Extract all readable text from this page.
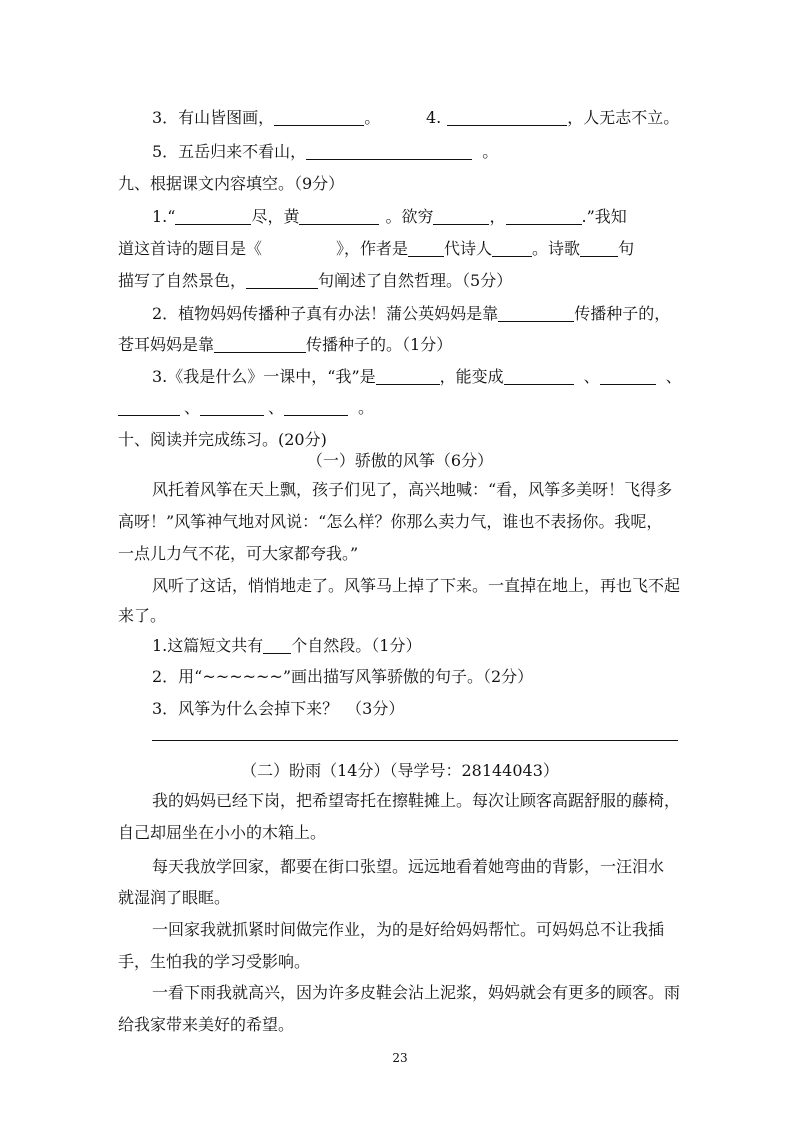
3．有山皆图画，	。	4.	，人无志不立。
5．五岳归来不看山，	。
九、根据课文内容填空。（9分）
1.“	尽，黄	。欲穷	，	.”我知
道这首诗的题目是《	》，作者是 代诗人	。诗歌 句
描写了自然景色，	句阐述了自然哲理。（5分）
2．植物妈妈传播种子真有办法！蒲公英妈妈是靠	传播种子的，
苍耳妈妈是靠	传播种子的。（1分）
3.《我是什么》一课中，“我”是	，能变成	、	、
、	、	。
十、阅读并完成练习。(20分)
（一）骄傲的风筝（6分）
风托着风筝在天上飘，孩子们见了，高兴地喊：“看，风筝多美呀！飞得多
高呀！”风筝神气地对风说：“怎么样？你那么卖力气，谁也不表扬你。我呢，
一点儿力气不花，可大家都夸我。”
风听了这话，悄悄地走了。风筝马上掉了下来。一直掉在地上，再也飞不起
来了。
1.这篇短文共有 个自然段。（1分）
2．用“~~~~~~”画出描写风筝骄傲的句子。（2分）
3．风筝为什么会掉下来？　（3分）
（二）盼雨（14分）（导学号：28144043）
我的妈妈已经下岗，把希望寄托在擦鞋摊上。每次让顾客高踞舒服的藤椅，
自己却屈坐在小小的木箱上。
每天我放学回家，都要在街口张望。远远地看着她弯曲的背影，一汪泪水
就湿润了眼眶。
一回家我就抓紧时间做完作业，为的是好给妈妈帮忙。可妈妈总不让我插
手，生怕我的学习受影响。
一看下雨我就高兴，因为许多皮鞋会沾上泥浆，妈妈就会有更多的顾客。雨
给我家带来美好的希望。
23
